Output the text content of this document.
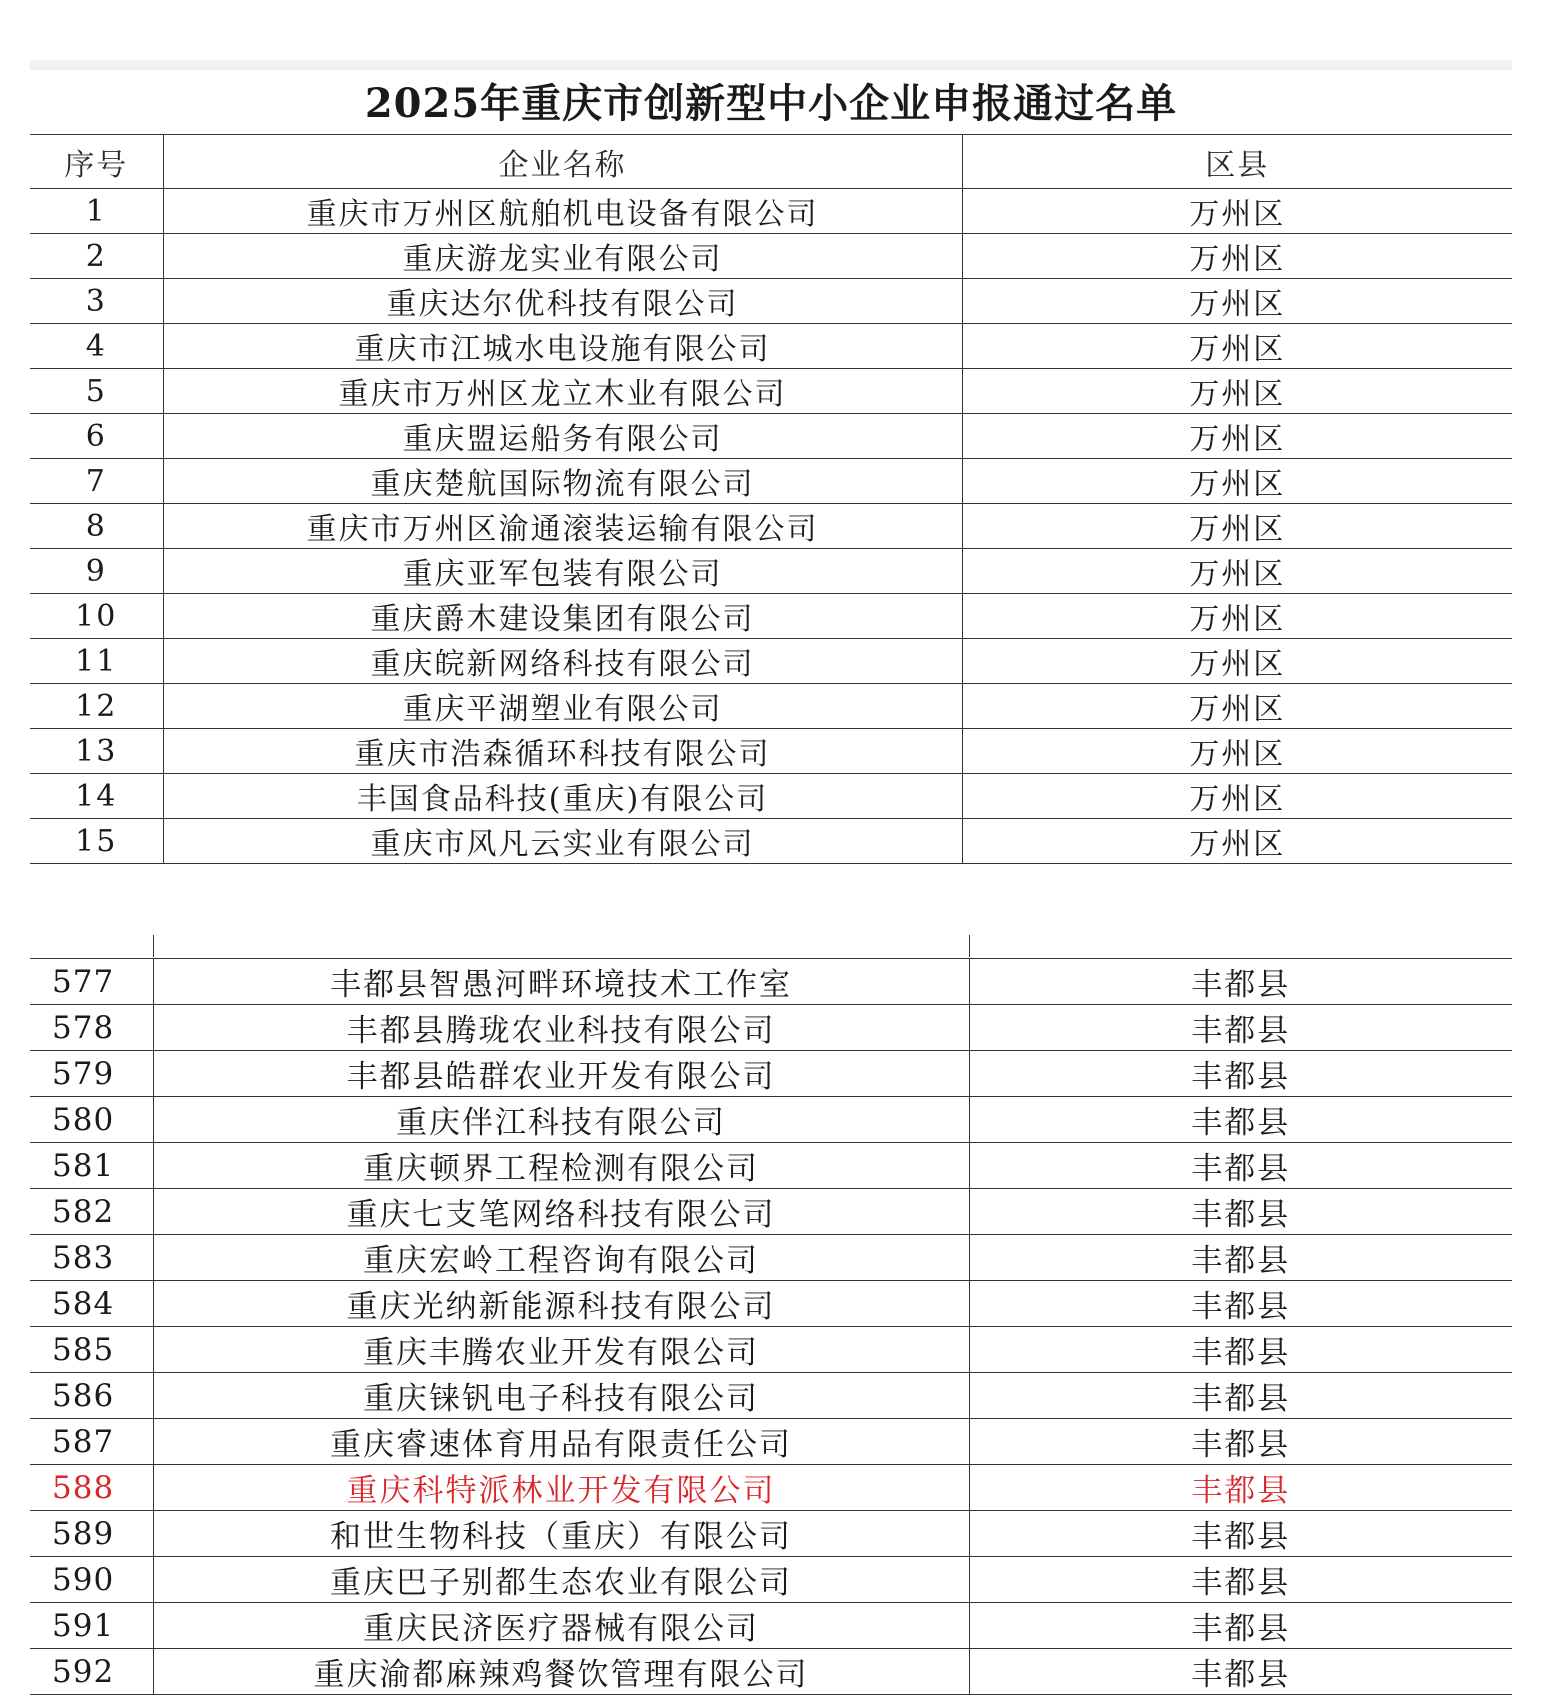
2025年重庆市创新型中小企业申报通过名单
序号	企业名称	区县
1	重庆市万州区航舶机电设备有限公司	万州区
2	重庆游龙实业有限公司	万州区
3	重庆达尔优科技有限公司	万州区
4	重庆市江城水电设施有限公司	万州区
5	重庆市万州区龙立木业有限公司	万州区
6	重庆盟运船务有限公司	万州区
7	重庆楚航国际物流有限公司	万州区
8	重庆市万州区渝通滚装运输有限公司	万州区
9	重庆亚军包装有限公司	万州区
10	重庆爵木建设集团有限公司	万州区
11	重庆皖新网络科技有限公司	万州区
12	重庆平湖塑业有限公司	万州区
13	重庆市浩森循环科技有限公司	万州区
14	丰国食品科技(重庆)有限公司	万州区
15	重庆市风凡云实业有限公司	万州区
577	丰都县智愚河畔环境技术工作室	丰都县
578	丰都县腾珑农业科技有限公司	丰都县
579	丰都县皓群农业开发有限公司	丰都县
580	重庆伴江科技有限公司	丰都县
581	重庆顿界工程检测有限公司	丰都县
582	重庆七支笔网络科技有限公司	丰都县
583	重庆宏岭工程咨询有限公司	丰都县
584	重庆光纳新能源科技有限公司	丰都县
585	重庆丰腾农业开发有限公司	丰都县
586	重庆铼钒电子科技有限公司	丰都县
587	重庆睿速体育用品有限责任公司	丰都县
588	重庆科特派林业开发有限公司	丰都县
589	和世生物科技（重庆）有限公司	丰都县
590	重庆巴子别都生态农业有限公司	丰都县
591	重庆民济医疗器械有限公司	丰都县
592	重庆渝都麻辣鸡餐饮管理有限公司	丰都县
